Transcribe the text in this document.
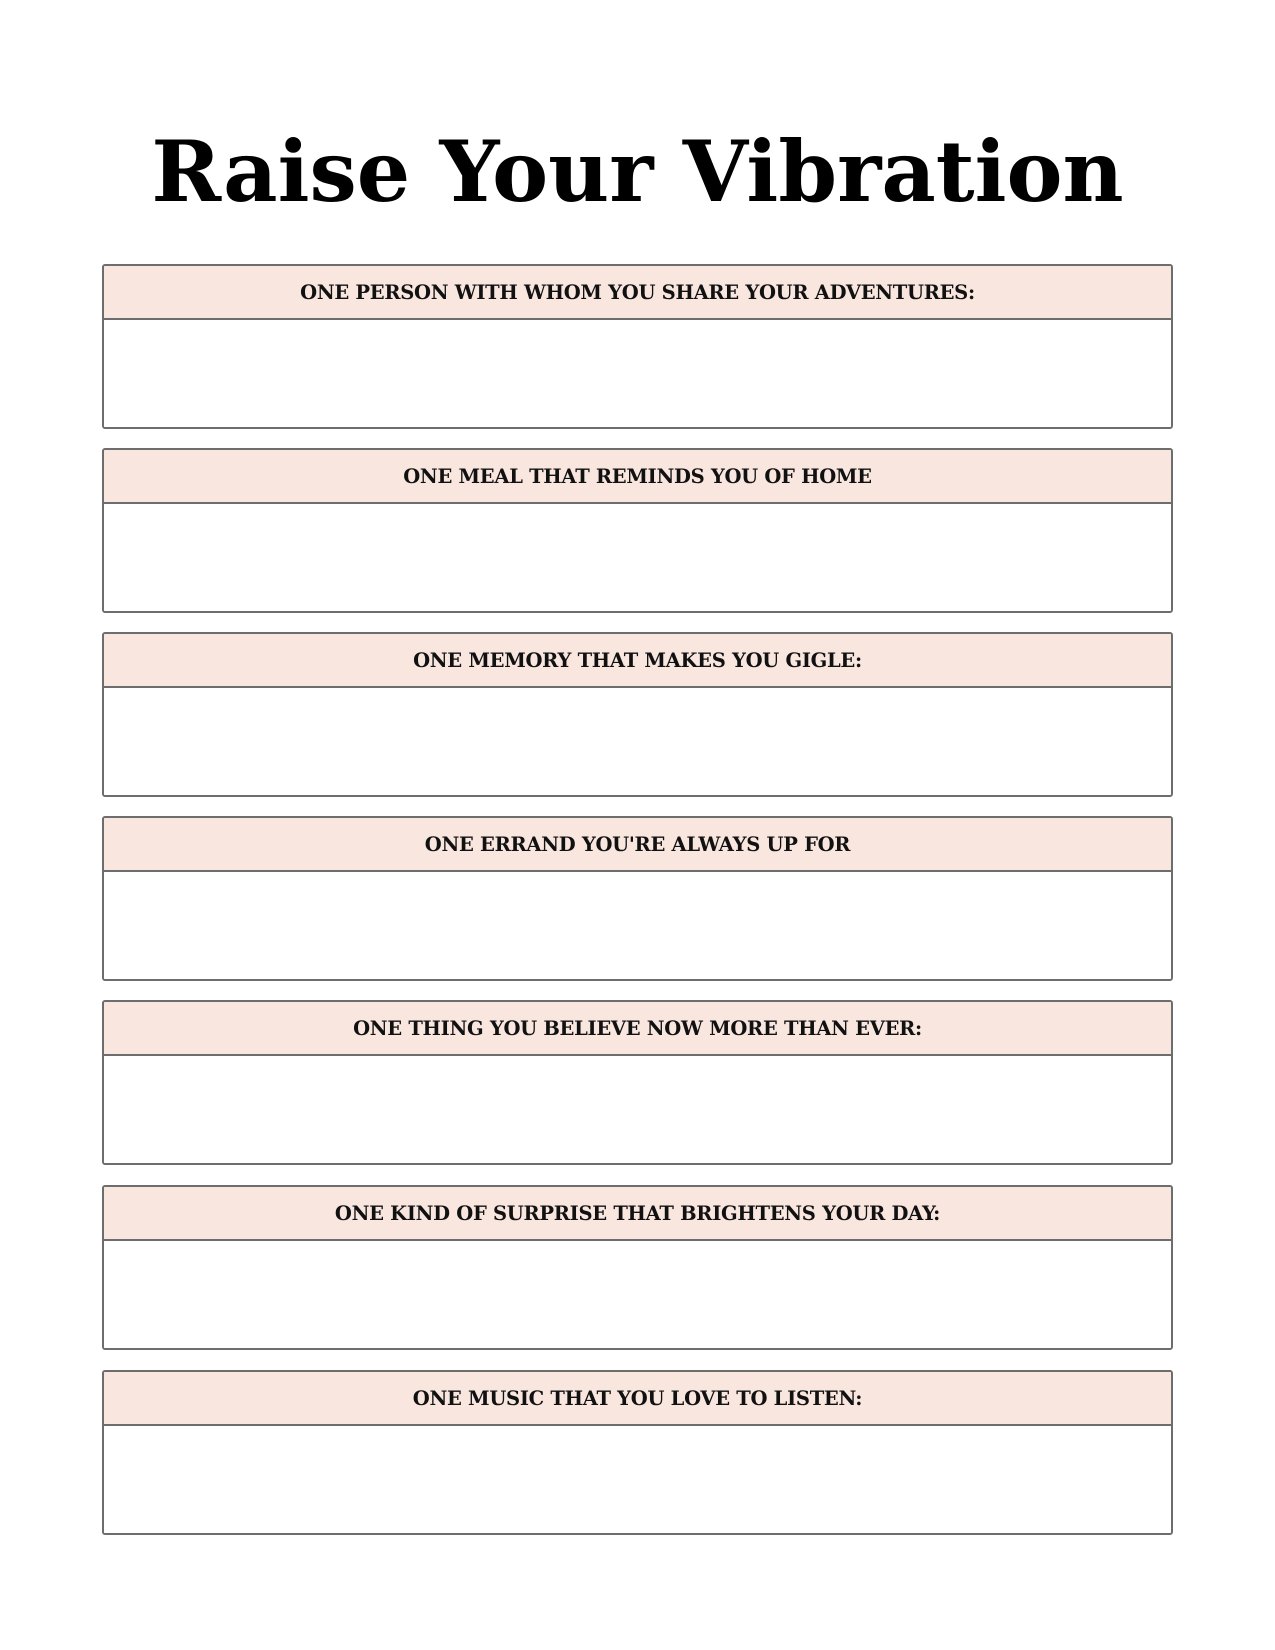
Raise Your Vibration
ONE PERSON WITH WHOM YOU SHARE YOUR ADVENTURES:
ONE MEAL THAT REMINDS YOU OF HOME
ONE MEMORY THAT MAKES YOU GIGLE:
ONE ERRAND YOU'RE ALWAYS UP FOR
ONE THING YOU BELIEVE NOW MORE THAN EVER:
ONE KIND OF SURPRISE THAT BRIGHTENS YOUR DAY:
ONE MUSIC THAT YOU LOVE TO LISTEN:
